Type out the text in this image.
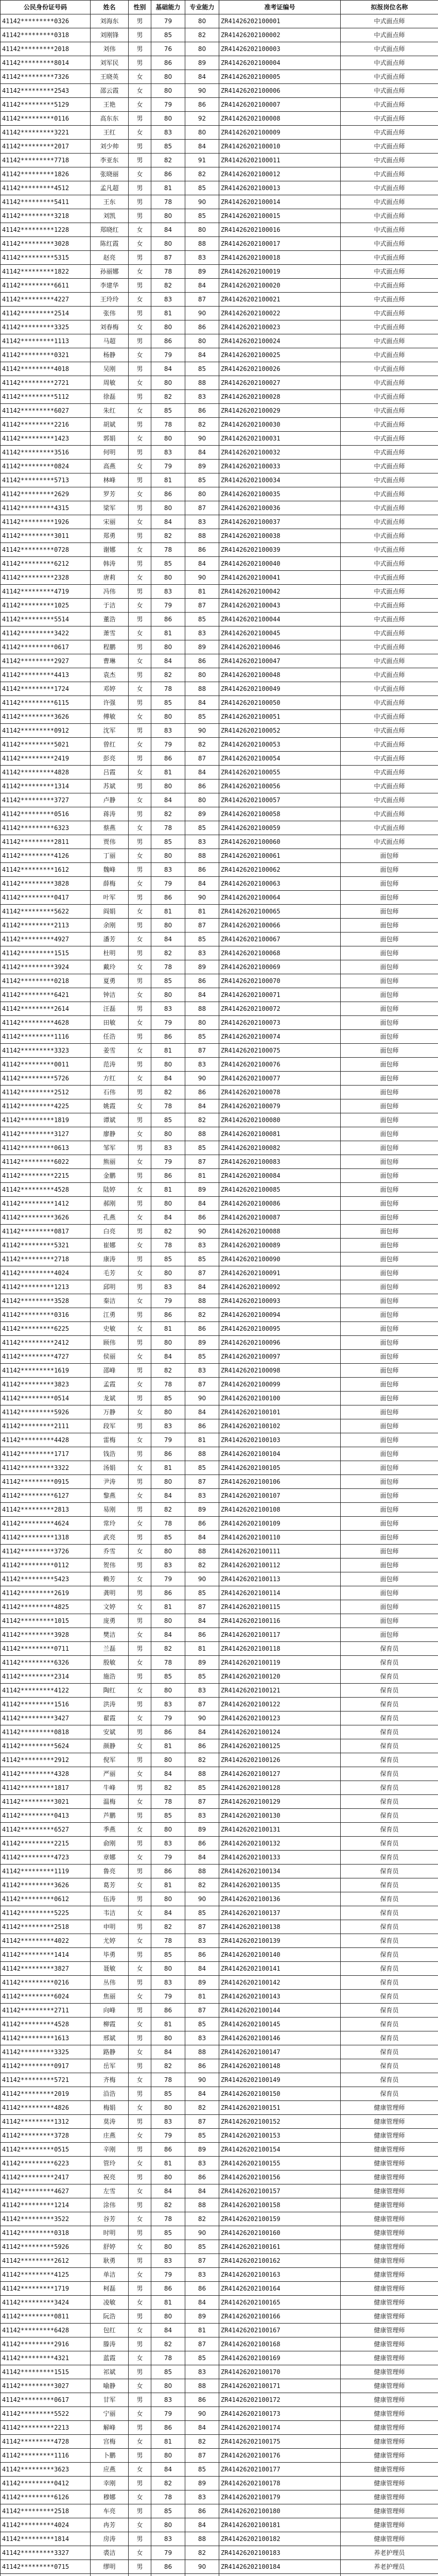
公民身份证号码	姓名	性别	基础能力	专业能力	准考证编号	拟报岗位名称
41142*********0326	刘海东	男	79	80	ZR41426202100001	中式面点师
41142*********0318	刘刚锋	男	85	82	ZR41426202100002	中式面点师
41142*********2018	刘伟	男	76	80	ZR41426202100003	中式面点师
41142*********8014	刘军民	男	86	89	ZR41426202100004	中式面点师
41142*********7326	王晓英	女	80	84	ZR41426202100005	中式面点师
41142*********2543	邵云霞	女	80	90	ZR41426202100006	中式面点师
41142*********5129	王艳	女	79	86	ZR41426202100007	中式面点师
41142*********0116	高东东	男	80	92	ZR41426202100008	中式面点师
41142*********3221	王红	女	83	80	ZR41426202100009	中式面点师
41142*********2017	刘少帅	男	85	84	ZR41426202100010	中式面点师
41142*********7718	李亚东	男	82	91	ZR41426202100011	中式面点师
41142*********1826	张晓丽	女	86	82	ZR41426202100012	中式面点师
41142*********4512	孟凡超	男	81	85	ZR41426202100013	中式面点师
41142*********5411	王东	男	78	90	ZR41426202100014	中式面点师
41142*********3218	刘凯	男	80	85	ZR41426202100015	中式面点师
41142*********1228	郑晓红	女	84	80	ZR41426202100016	中式面点师
41142*********3028	陈红霞	女	80	88	ZR41426202100017	中式面点师
41142*********5315	赵亮	男	87	83	ZR41426202100018	中式面点师
41142*********1822	孙丽娜	女	78	89	ZR41426202100019	中式面点师
41142*********6611	李建华	男	82	84	ZR41426202100020	中式面点师
41142*********4227	王玲玲	女	83	87	ZR41426202100021	中式面点师
41142*********2514	张伟	男	81	90	ZR41426202100022	中式面点师
41142*********3325	刘春梅	女	80	86	ZR41426202100023	中式面点师
41142*********1113	马超	男	86	80	ZR41426202100024	中式面点师
41142*********0321	杨静	女	79	84	ZR41426202100025	中式面点师
41142*********4018	吴刚	男	84	85	ZR41426202100026	中式面点师
41142*********2721	周敏	女	80	88	ZR41426202100027	中式面点师
41142*********5112	徐磊	男	82	83	ZR41426202100028	中式面点师
41142*********6027	朱红	女	85	86	ZR41426202100029	中式面点师
41142*********2216	胡斌	男	78	82	ZR41426202100030	中式面点师
41142*********1423	郭娟	女	80	90	ZR41426202100031	中式面点师
41142*********3516	何明	男	83	84	ZR41426202100032	中式面点师
41142*********0824	高燕	女	79	89	ZR41426202100033	中式面点师
41142*********5713	林峰	男	81	85	ZR41426202100034	中式面点师
41142*********2629	罗芳	女	86	80	ZR41426202100035	中式面点师
41142*********4315	梁军	男	80	87	ZR41426202100036	中式面点师
41142*********1926	宋丽	女	84	83	ZR41426202100037	中式面点师
41142*********3011	郑勇	男	82	88	ZR41426202100038	中式面点师
41142*********0728	谢娜	女	78	86	ZR41426202100039	中式面点师
41142*********6212	韩涛	男	85	84	ZR41426202100040	中式面点师
41142*********2328	唐莉	女	80	90	ZR41426202100041	中式面点师
41142*********4719	冯伟	男	83	81	ZR41426202100042	中式面点师
41142*********1025	于洁	女	79	87	ZR41426202100043	中式面点师
41142*********5514	董浩	男	86	85	ZR41426202100044	中式面点师
41142*********3422	萧雪	女	81	83	ZR41426202100045	中式面点师
41142*********0617	程鹏	男	80	89	ZR41426202100046	中式面点师
41142*********2927	曹琳	女	84	86	ZR41426202100047	中式面点师
41142*********4413	袁杰	男	82	80	ZR41426202100048	中式面点师
41142*********1724	邓婷	女	78	88	ZR41426202100049	中式面点师
41142*********6115	许强	男	85	84	ZR41426202100050	中式面点师
41142*********3626	傅敏	女	80	85	ZR41426202100051	中式面点师
41142*********0912	沈军	男	83	90	ZR41426202100052	中式面点师
41142*********5021	曾红	女	79	82	ZR41426202100053	中式面点师
41142*********2419	彭亮	男	86	87	ZR41426202100054	中式面点师
41142*********4828	吕霞	女	81	84	ZR41426202100055	中式面点师
41142*********1314	苏斌	男	80	86	ZR41426202100056	中式面点师
41142*********3727	卢静	女	84	80	ZR41426202100057	中式面点师
41142*********0516	蒋涛	男	82	89	ZR41426202100058	中式面点师
41142*********6323	蔡燕	女	78	85	ZR41426202100059	中式面点师
41142*********2811	贾伟	男	85	83	ZR41426202100060	中式面点师
41142*********4126	丁丽	女	80	88	ZR41426202100061	面包师
41142*********1612	魏峰	男	83	86	ZR41426202100062	面包师
41142*********3828	薛梅	女	79	84	ZR41426202100063	面包师
41142*********0417	叶军	男	86	90	ZR41426202100064	面包师
41142*********5622	阎娟	女	81	81	ZR41426202100065	面包师
41142*********2113	余刚	男	80	87	ZR41426202100066	面包师
41142*********4927	潘芳	女	84	85	ZR41426202100067	面包师
41142*********1515	杜明	男	82	83	ZR41426202100068	面包师
41142*********3924	戴玲	女	78	89	ZR41426202100069	面包师
41142*********0218	夏勇	男	85	86	ZR41426202100070	面包师
41142*********6421	钟洁	女	80	84	ZR41426202100071	面包师
41142*********2614	汪磊	男	83	88	ZR41426202100072	面包师
41142*********4628	田敏	女	79	80	ZR41426202100073	面包师
41142*********1116	任浩	男	86	85	ZR41426202100074	面包师
41142*********3323	姜雪	女	81	87	ZR41426202100075	面包师
41142*********0011	范涛	男	80	83	ZR41426202100076	面包师
41142*********5726	方红	女	84	90	ZR41426202100077	面包师
41142*********2512	石伟	男	82	86	ZR41426202100078	面包师
41142*********4225	姚霞	女	78	84	ZR41426202100079	面包师
41142*********1819	谭斌	男	85	82	ZR41426202100080	面包师
41142*********3127	廖静	女	80	88	ZR41426202100081	面包师
41142*********0613	邹军	男	83	85	ZR41426202100082	面包师
41142*********6022	熊丽	女	79	87	ZR41426202100083	面包师
41142*********2215	金鹏	男	86	81	ZR41426202100084	面包师
41142*********4528	陆婷	女	81	89	ZR41426202100085	面包师
41142*********1412	郝刚	男	80	84	ZR41426202100086	面包师
41142*********3626	孔燕	女	84	86	ZR41426202100087	面包师
41142*********0817	白亮	男	82	90	ZR41426202100088	面包师
41142*********5321	崔娜	女	78	83	ZR41426202100089	面包师
41142*********2718	康涛	男	85	85	ZR41426202100090	面包师
41142*********4024	毛芳	女	80	87	ZR41426202100091	面包师
41142*********1213	邱明	男	83	84	ZR41426202100092	面包师
41142*********3528	秦洁	女	79	88	ZR41426202100093	面包师
41142*********0316	江勇	男	86	82	ZR41426202100094	面包师
41142*********6225	史敏	女	81	86	ZR41426202100095	面包师
41142*********2412	顾伟	男	80	89	ZR41426202100096	面包师
41142*********4727	侯丽	女	84	85	ZR41426202100097	面包师
41142*********1619	邵峰	男	82	83	ZR41426202100098	面包师
41142*********3823	孟霞	女	78	87	ZR41426202100099	面包师
41142*********0514	龙斌	男	85	90	ZR41426202100100	面包师
41142*********5926	万静	女	80	84	ZR41426202100101	面包师
41142*********2111	段军	男	83	86	ZR41426202100102	面包师
41142*********4428	雷梅	女	79	81	ZR41426202100103	面包师
41142*********1717	钱浩	男	86	88	ZR41426202100104	面包师
41142*********3322	汤娟	女	81	85	ZR41426202100105	面包师
41142*********0915	尹涛	男	80	87	ZR41426202100106	面包师
41142*********6127	黎燕	女	84	83	ZR41426202100107	面包师
41142*********2813	易刚	男	82	89	ZR41426202100108	面包师
41142*********4624	常玲	女	78	86	ZR41426202100109	面包师
41142*********1318	武亮	男	85	84	ZR41426202100110	面包师
41142*********3726	乔雪	女	80	88	ZR41426202100111	面包师
41142*********0112	贺伟	男	83	82	ZR41426202100112	面包师
41142*********5423	赖芳	女	79	90	ZR41426202100113	面包师
41142*********2619	龚明	男	86	85	ZR41426202100114	面包师
41142*********4825	文婷	女	81	87	ZR41426202100115	面包师
41142*********1015	庞勇	男	80	84	ZR41426202100116	面包师
41142*********3928	樊洁	女	84	86	ZR41426202100117	面包师
41142*********0711	兰磊	男	82	81	ZR41426202100118	保育员
41142*********6326	殷敏	女	78	89	ZR41426202100119	保育员
41142*********2314	施浩	男	85	85	ZR41426202100120	保育员
41142*********4122	陶红	女	80	83	ZR41426202100121	保育员
41142*********1516	洪涛	男	83	87	ZR41426202100122	保育员
41142*********3427	翟霞	女	79	90	ZR41426202100123	保育员
41142*********0818	安斌	男	86	84	ZR41426202100124	保育员
41142*********5624	颜静	女	81	86	ZR41426202100125	保育员
41142*********2912	倪军	男	80	82	ZR41426202100126	保育员
41142*********4328	严丽	女	84	88	ZR41426202100127	保育员
41142*********1817	牛峰	男	82	85	ZR41426202100128	保育员
41142*********3021	温梅	女	78	87	ZR41426202100129	保育员
41142*********0413	芦鹏	男	85	83	ZR41426202100130	保育员
41142*********6527	季燕	女	80	89	ZR41426202100131	保育员
41142*********2215	俞刚	男	83	86	ZR41426202100132	保育员
41142*********4723	章娜	女	79	84	ZR41426202100133	保育员
41142*********1119	鲁亮	男	86	88	ZR41426202100134	保育员
41142*********3626	葛芳	女	81	82	ZR41426202100135	保育员
41142*********0612	伍涛	男	80	90	ZR41426202100136	保育员
41142*********5225	韦洁	女	84	85	ZR41426202100137	保育员
41142*********2518	申明	男	82	87	ZR41426202100138	保育员
41142*********4022	尤婷	女	78	83	ZR41426202100139	保育员
41142*********1414	毕勇	男	85	86	ZR41426202100140	保育员
41142*********3827	聂敏	女	80	84	ZR41426202100141	保育员
41142*********0216	丛伟	男	83	89	ZR41426202100142	保育员
41142*********6024	焦丽	女	79	81	ZR41426202100143	保育员
41142*********2711	向峰	男	86	87	ZR41426202100144	保育员
41142*********4528	柳霞	女	81	85	ZR41426202100145	保育员
41142*********1613	邢斌	男	80	83	ZR41426202100146	保育员
41142*********3325	路静	女	84	88	ZR41426202100147	保育员
41142*********0917	岳军	男	82	86	ZR41426202100148	保育员
41142*********5721	齐梅	女	78	90	ZR41426202100149	保育员
41142*********2019	沿浩	男	85	84	ZR41426202100150	保育员
41142*********4826	梅娟	女	80	82	ZR41426202100151	健康管理师
41142*********1312	莫涛	男	83	87	ZR41426202100152	健康管理师
41142*********3728	庄燕	女	79	85	ZR41426202100153	健康管理师
41142*********0515	辛刚	男	86	89	ZR41426202100154	健康管理师
41142*********6223	管玲	女	81	83	ZR41426202100155	健康管理师
41142*********2417	祝亮	男	80	86	ZR41426202100156	健康管理师
41142*********4627	左雪	女	84	84	ZR41426202100157	健康管理师
41142*********1214	涂伟	男	82	88	ZR41426202100158	健康管理师
41142*********3522	谷芳	女	78	82	ZR41426202100159	健康管理师
41142*********0318	时明	男	85	90	ZR41426202100160	健康管理师
41142*********5926	舒婷	女	80	85	ZR41426202100161	健康管理师
41142*********2612	耿勇	男	83	87	ZR41426202100162	健康管理师
41142*********4125	单洁	女	79	83	ZR41426202100163	健康管理师
41142*********1719	柯磊	男	86	86	ZR41426202100164	健康管理师
41142*********3424	凌敏	女	81	84	ZR41426202100165	健康管理师
41142*********0811	阮浩	男	80	89	ZR41426202100166	健康管理师
41142*********6428	包红	女	84	81	ZR41426202100167	健康管理师
41142*********2916	滕涛	男	82	87	ZR41426202100168	健康管理师
41142*********4321	蓝霞	女	78	85	ZR41426202100169	健康管理师
41142*********1515	祁斌	男	85	83	ZR41426202100170	健康管理师
41142*********3027	喻静	女	80	88	ZR41426202100171	健康管理师
41142*********0617	甘军	男	83	86	ZR41426202100172	健康管理师
41142*********5522	宁丽	女	79	90	ZR41426202100173	健康管理师
41142*********2213	解峰	男	86	84	ZR41426202100174	健康管理师
41142*********4728	宫梅	女	81	82	ZR41426202100175	健康管理师
41142*********1116	卜鹏	男	80	87	ZR41426202100176	健康管理师
41142*********3623	应燕	女	84	85	ZR41426202100177	健康管理师
41142*********0412	幸刚	男	82	89	ZR41426202100178	健康管理师
41142*********6126	穆娜	女	78	83	ZR41426202100179	健康管理师
41142*********2518	车亮	男	85	86	ZR41426202100180	健康管理师
41142*********4024	冉芳	女	80	84	ZR41426202100181	健康管理师
41142*********1814	房涛	男	83	88	ZR41426202100182	健康管理师
41142*********3327	裘洁	女	79	82	ZR41426202100183	养老护理员
41142*********0715	缪明	男	86	90	ZR41426202100184	养老护理员
